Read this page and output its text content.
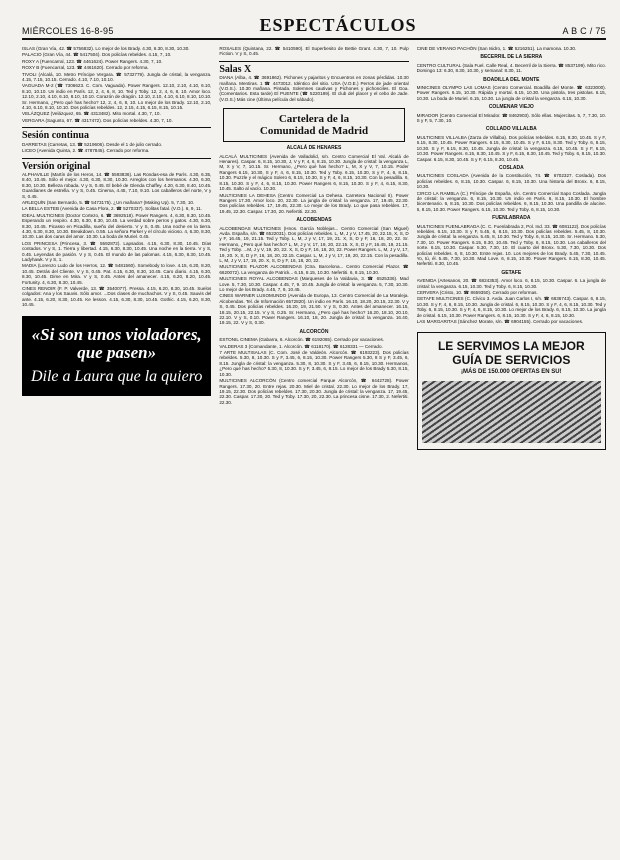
MIÉRCOLES 16-8-95	ESPECTÁCULOS	A B C / 75
ISLAS (Gran Vía, 42. ☎ 5756832). Lo mejor de los Brady. 4.30, 6.30, 8.30, 10.30.
PALACIO (Gran Vía, 44. ☎ 5417504). Dos policías rebeldes. 4.15, 7, 10.
ROXY A (Fuencarral, 123. ☎ 4461624). Power Rangers. 4.30, 7, 10.
ROXY B (Fuencarral, 123. ☎ 4461620). Cerrado por reforma.
TIVOLI (Alcalá, 10. Metro Príncipe Vergara. ☎ 5732779). Jungla de cristal, la venganza. 4.15, 7.15, 10.15. Cerrado. 4.10, 7.10, 10.10.
VAGUADA M-2 (☎ 7306623. C. Com. Vaguada). Power Rangers. 12.10, 2.10, 4.10, 6.10, 8.10, 10.10. Un indio en París. 12, 2, 4, 6, 8, 10. Ted y Toby. 12, 2, 4, 6, 8, 10. Amor loco. 12.10, 2.10, 4.10, 6.10, 8.10, 10.10. Corazón de dragón. 12.10, 2.10, 4.10, 6.10, 8.10, 10.10. Sr. Hermano, ¿Pero qué has hecho? 12, 2, 4, 6, 8, 10. Lo mejor de los Brady. 12.10, 2.10, 4.10, 6.10, 8.10, 10.10. Dos policías rebeldes. 12, 2.15, 4.15, 6.15, 8.15, 10.15.
VELÁZQUEZ (Velázquez, 65. ☎ 4313482). Mito mortal. 4.30, 7, 10.
VERGARA (Sagunto, 67. ☎ 4317472). Dos policías rebeldes. 4.30, 7, 10.
Sesión continua
DARRETAS (Carretas, 13. ☎ 5219606). Desde el 1 de julio cerrado.
LICEO (Avenida Quinta, 2. ☎ 4787845). Cerrado por reforma.
Versión original
ALPHAVILLE (Martín de los Heros, 14. ☎ 5593836). Las Rondas-esa de París. 4.30, 6.35, 8.40, 10.45. Sólo el mejor. 4.30, 6.30, 8.30, 10.30. Arreglos con los hermanos. 4.30, 6.30, 8.30, 10.30. Belleza robada. V y S, 0.45. El bebé de Glenda Chaffey. 4.20, 6.30, 8.40, 10.45. Guardianes de estrella. V y S, 0.45. Cinema, 4.45, 7.10, 9.10. Los caballeros del norte, V y S, 0.45.
ARLEQUÍN (San Bernardo, 5. ☎ 5473175). ¿Un mañana? (Making Up). 5, 7.30, 10.
LA BELLA ESTEB (Avenida de Casa Flora, 2. ☎ 5270337). Solitas fatal. (V.O.). 6, 9, 11.
IDEAL MULTICINES (Doctor Cortezo, 6. ☎ 3692518). Power Rangers. 4, 6.30, 8.30, 10.45. Esperando un respiro. 4.30, 6.30, 8.30, 10.45. La verdad sobre perros y gatos. 4.30, 6.30, 8.30, 10.45. Picasso en Picadilla, sueño del desierto. V y S, 0.45. Una noche en la tierra. 4.30, 6.30, 8.30, 10.30. Breakdown. 0.55. La señora Parker y el círculo vicioso. 4, 6.30, 8.30, 10.30. Las dos caras del amor. 10.30. La boda de Muriel. 0.45.
LOS PRINCESA (Princesa, 3. ☎ 5592872). Lapsados. 4.15, 6.30, 8.30, 10.45. Días contados. V y S, 1. Tierra y libertad. 4.15, 6.30, 8.30, 10.45. Una noche en la tierra. V y S, 0.45. Leyendas de pasión. V y S, 0.45. El mundo de las palomas. 4.15, 6.30, 8.30, 10.45. Ladyhawk. V y S, 1.
MADIA (Lorenzo Ludo de los Herros, 12. ☎ 5481560). Somebody to love. 4.15, 6.20, 8.20, 10.45. Detrás del Cliente. V y S, 0.45. Pat. 4.15, 6.30, 8.30, 10.45. Caro diario. 4.15, 6.30, 8.30, 10.45. Dime en Mira. V y S, 0.45. Antes del amanecer. 4.15, 6.20, 8.20, 10.45. Fortunity. 4, 6.30, 8.30, 10.45.
CINES RENOIR (F. P. Valverde, 13. ☎ 3540077). Pressa. 4.15, 6.20, 8.30, 10.45. Suelos colgados: Ana y los Sauvis. Sólo amor. ...Dos clases de muchachos. V y S, 0.45. Sauvis del ante. 4.15, 6.20, 8.30, 10.45. Ke lesson. 4.15, 6.30, 8.30, 10.45. Gothic. 4.15, 6.20, 8.30, 10.45.
«Si son unos violadores, que pasen»
Dile a Laura que la quiero
ROSALES (Quintana, 22. ☎ 5410590). El Superbesito de Bettie Grant. 4.30, 7, 10. Pulp Fiction. V y S, 0.45.
Salas X
DIANA (Alba, 4. ☎ 3691862). Pichones y pajaritos y Encuentros en zonas pérdidas. 10.30 mañana. Mentiras. 1 ☎ 4473012. Idéntico del sitio. USA (V.O.E.) Perros de jade oriental (V.O.S.). 10.30 mañana. Pintada. Solemnes cautivas y Pichones y pichonciles. El Goa. (Comentarios. Esta tarde) El PUENTE (☎ 5220189). El club del placer y el cebo de Jade. (V.O.S.) Más cine (Última película del sábado).
Cartelera de la
Comunidad de Madrid
ALCALÁ DE HENARES
ALCALÁ MULTICINES (Avenida de Valladolid, s/n. Centro Comercial El Val. Alcalá de Henares). Caspar. 6, 8.15, 10.30, J, V y F, 4, 6, 8.15, 10.30. Jungla de cristal: la venganza L, M, X y V, 7, 10.15. Sr. Hermano, ¿Pero qué has hecho? L, M, X y V, 7, 10.15. Poder Rangers 6.15, 10.30, S y F, 4, 6, 8.15, 10.30. Ted y Toby. 6.15, 10.30, S y F, 4, 6, 8.15, 10.30. Puzzle y el mágico Solero 6, 8.15, 10.30, S y F, 4, 6, 8.15, 10.30. Con la pesadilla. 6, 8.15, 10.30. S y F, 4, 6, 8.15, 10.30. Power Rangers 6, 8.15, 10.30. S y F, 4, 6.15, 8.30, 10.45. Salto al vacío. 10.30.
MULTICINES LA DEHESA (Centro Comercial La Dehesa. Carretera Nacional II). Power Rangers 17.30. Amor loco. 20, 22.30. La jungla de cristal: la venganza. 17, 19.45, 22.30. Dos policías rebeldes. 17, 19.45, 22.30. Lo mejor de los Brady. Lo que pasa rebeldes. 17, 19.45, 22.30. Caspar. 17.30, 20. Nefertiti. 22.30.
ALCOBENDAS
ALCOBENDAS MULTICINES (Hnos. García Noblejas... Centro Comercial (San Miguel) Avda. España, s/n. ☎ 6522031). Dos policías rebeldes. L, M, J y V, 17.45, 20, 22.15, X, S, D y F, 16.45, 19, 21.15. Ted y Toby. L, M, J y V, 17, 19, 21. X, S, D y F, 16, 18, 20, 22. Sr. Hermano, ¿Pero qué has hecho? L, M, J y V, 17, 19, 20, 22.15. X, S, D y F, 16.45, 19, 21.15. Ted y Toby. ...M, J y V, 19, 20, 22. X, S, D y F, 16, 18, 20, 22. Power Rangers. L, M, J y V, 17, 19, 20. X, S, D y F, 16, 18, 20, 22.15. Caspar. L, M, J y V, 17, 19, 20, 22.15. Con la pesadilla. L, M, J y V, 17, 19, 20. X, S, D y F, 16, 18, 20, 22.
MULTICINES PLAZOR ALCOBENDAS (Ctra. Barcelona... Centro Comercial Plazor. ☎ 6620072). La venganza de Patrick... 6.15, 8.15, 10.30. Nefertiti. 6, 8.15, 10.30.
MULTICINES ROYAL ALCOBENDAS (Marqueses de la Valdavia, 3. ☎ 6525336). Mad Love. 5, 7.30, 10.30. Caspar. 4.45, 7, 9. 10.45. Jungla de cristal: la venganza. 5, 7.30, 10.30. Lo mejor de los Brady. 4.45, 7, 9, 10.45.
CINES WARNER LUSOMUNDO (Avenida de Europa, 13. Centro Comercial de La Moraleja. Alcobendas. Tel. de Información 6572820). Un indio en París. 16.10, 18.20, 20.15, 22.30. V y S, 0.45. Dos policías rebeldes. 16.20, 19, 21.50. V y S, 0.30. Antes del amanecer. 16.15, 18.15, 20.15, 22.15. V y S, 0.25. Sr. Hermano, ¿Pero qué has hecho? 16.20, 18.10, 20.10, 22.10. V y S, 0.10. Power Rangers. 16.10, 18, 20. Jungla de cristal: la venganza. 16.40, 19.15, 22. V y S, 0.30.
ALCORCÓN
ESTONIL CINEMA (Gabarra, 6. Alcorcón. ☎ 6192065). Cerrado por vacaciones.
VALDERAS 3 (Comandante, 1. Alcorcón. ☎ 6118170). ☎ 6128331 — Cerrado.
7 ARTE MULTISALAS (C. Com. José de Valdeón. Alcorcón. ☎ 6193223). Dos policías rebeldes. 5.30, 8, 10.30. S y F, 3.45, 6, 8.15, 10.30. Power Rangers 5.30, 8 S y F, 3.45, 6, 8.15. Jungla de cristal: la venganza. 5.30, 8, 10.30. S y F, 3.45, 6, 8.15, 10.30. Hermanos, ¿Pero qué has hecho? 5.30, 8, 10.30. S y F, 3.45, 6, 8.15. Lo mejor de los Brady 5.30, 8.15, 10.30.
MULTICINES ALCORCÓN (Centro comercial Parque Alcorcón, ☎ 6442728). Power Rangers. 17.30, 20. Entre rejas. 20.30. Miel de cristal. 22.30. Lo mejor de los Brady. 17, 19.15, 22.30. Dos policías rebeldes. 17.30, 20.30. Jungla de cristal: la venganza. 17, 19.45, 22.30. Caspar. 17.30, 20. Ted y Toby. 17.30, 20, 22.30. La princesa cisne. 17.30, 2. Nefertiti. 22.30.
CINE DE VERANO PACHÓN (San Isidro, 1. ☎ 5216251). La mamona. 10.30.
BECERRIL DE LA SIERRA
CENTRO CULTURAL (Sala Fuel. Calle Real, 4. Becerril de la Sierra. ☎ 8537199). Mito rico. Domingo 13: 6.30, 8.30, 10.30, y semanal: 8.30, 11.
BOADILLA DEL MONTE
MINICINES OLYMPO LAS LOMAS (Centro Comercial. Boadilla del Monte. ☎ 6323000). Power Rangers. 6.15, 10.30. Rápida y mortal. 6.15, 10.30. Una pistola, tres pistolas. 6.15, 10.30. La boda de Muriel. 6.15, 10.30. La jungla de cristal la venganza. 6.15, 10.30.
COLMENAR VIEJO
MIRADOR (Centro Comercial El Mirador. ☎ 8462903). Sólo ellas. Mujercitas. 5, 7, 7.30, 10. S y F, 5, 7.30, 10.
COLLADO VILLALBA
MULTICINES VILLALBA (Zarza de Villalba). Dos policías rebeldes. 6.15, 8.30, 10.45. S y F, 6.15, 8.30, 10.45. Power Rangers. 6.15, 8.30, 10.45. S y F, 6.15, 8.30. Ted y Toby. 6, 8.15, 10.30. S y F, 6.15, 8.30, 10.45. Jungla de cristal: la venganza. 6.15, 10.45. S y F, 6.15, 10.30. Power Rangers. 6.15, 8.30, 10.45. S y F, 6.15, 8.30, 10.45. Ted y Toby. 6, 8.15, 10.30. Caspar. 6.15, 8.30, 10.45. S y F, 6.15, 8.30, 10.45.
COSLADA
MULTICINES COSLADA (Avenida de la Constitución, 74. ☎ 6702327. Coslada). Dos policías rebeldes. 6, 8.15, 10.30. Caspar. 6, 8.15, 10.30. Una historia del Bronx. 6, 8.15, 10.30.
CIRCO LA RAMBLA (C.) Príncipe de España, s/n. Centro Comercial Sapo Coslada. Jungla de cristal: la venganza. 6, 8.15, 10.30. Un indio en París. 6, 8.15, 10.30. El hombre bicentenario. 6, 8.15, 10.30. Dos policías rebeldes. 6, 8.15, 10.30. Una pandilla de alucine. 6, 8.15, 10.30. Power Rangers. 6.15, 10.30. Ted y Toby. 6, 8.15, 10.30.
FUENLABRADA
MULTICINES FUENLABRADA (C. C. Fuenlabrada 2, Pol. Ind. 33. ☎ 6081122). Dos policías rebeldes. 6.15, 10.30. S y F, 5.45, 6, 8.15, 10.30. Dos policías rebeldes. 5.45, 8, 10.30. Jungla de cristal: la venganza. 5.45, 8, 10.30. Ted y Toby. 6, 8.15, 10.30. Sr. Hermano. 5.30, 7.30, 10. Power Rangers. 6.15, 8.30, 10.45. Ted y Toby. 6, 8.15, 10.30. Los caballeros del norte. 6.15, 10.30. Caspar. 5.30, 7.30, 10. El cuarto del Bronx. 5.30, 7.30, 10.30. Dos policías rebeldes. 6, 8, 10.30. Entre rejas. 10. Los mejores de los Brady. 5.45, 7.30, 10.45. Yo, tú, él. 5.45, 7.30, 10.30. Mad Love. 6, 8.15, 10.30. Power Rangers. 6.15, 8.30, 10.45. Nefertiti. 8.30, 10.45.
GETAFE
AVENIDA (Artesanos, 20. ☎ 6824353). Amor loco. 6, 8.15, 10.30. Caspar. 6. La jungla de cristal: la venganza. 6.15, 10.30. Ted y Toby. 6, 8.15, 10.30.
CERVERA (Cristo, 10. ☎ 8659350). Cerrado por reformas.
GETAFE MULTICINES (C. Cívico 3. Avda. Juan Carlos I, s/n. ☎ 6836743). Caspar. 6, 8.15, 10.30. S y F, 4, 6, 8.15, 10.30. Jungla de cristal. 6, 8.15, 10.30. S y F, 4, 6, 8.15, 10.30. Ted y Toby. 6, 8.15, 10.30. S y F, 4, 6, 8.15, 10.30. Lo mejor de los Brady. 6, 8.15, 10.30. La jungla de cristal. 6.15, 10.30. Power Rangers. 6, 8.15, 10.30. S y F, 4, 6, 8.15, 10.30.
LAS MARGARITAS (Sánchez Morate, s/n. ☎ 6904155). Cerrado por vacaciones.
LE SERVIMOS LA MEJOR GUÍA DE SERVICIOS
¡MÁS DE 150.000 OFERTAS EN SU!
